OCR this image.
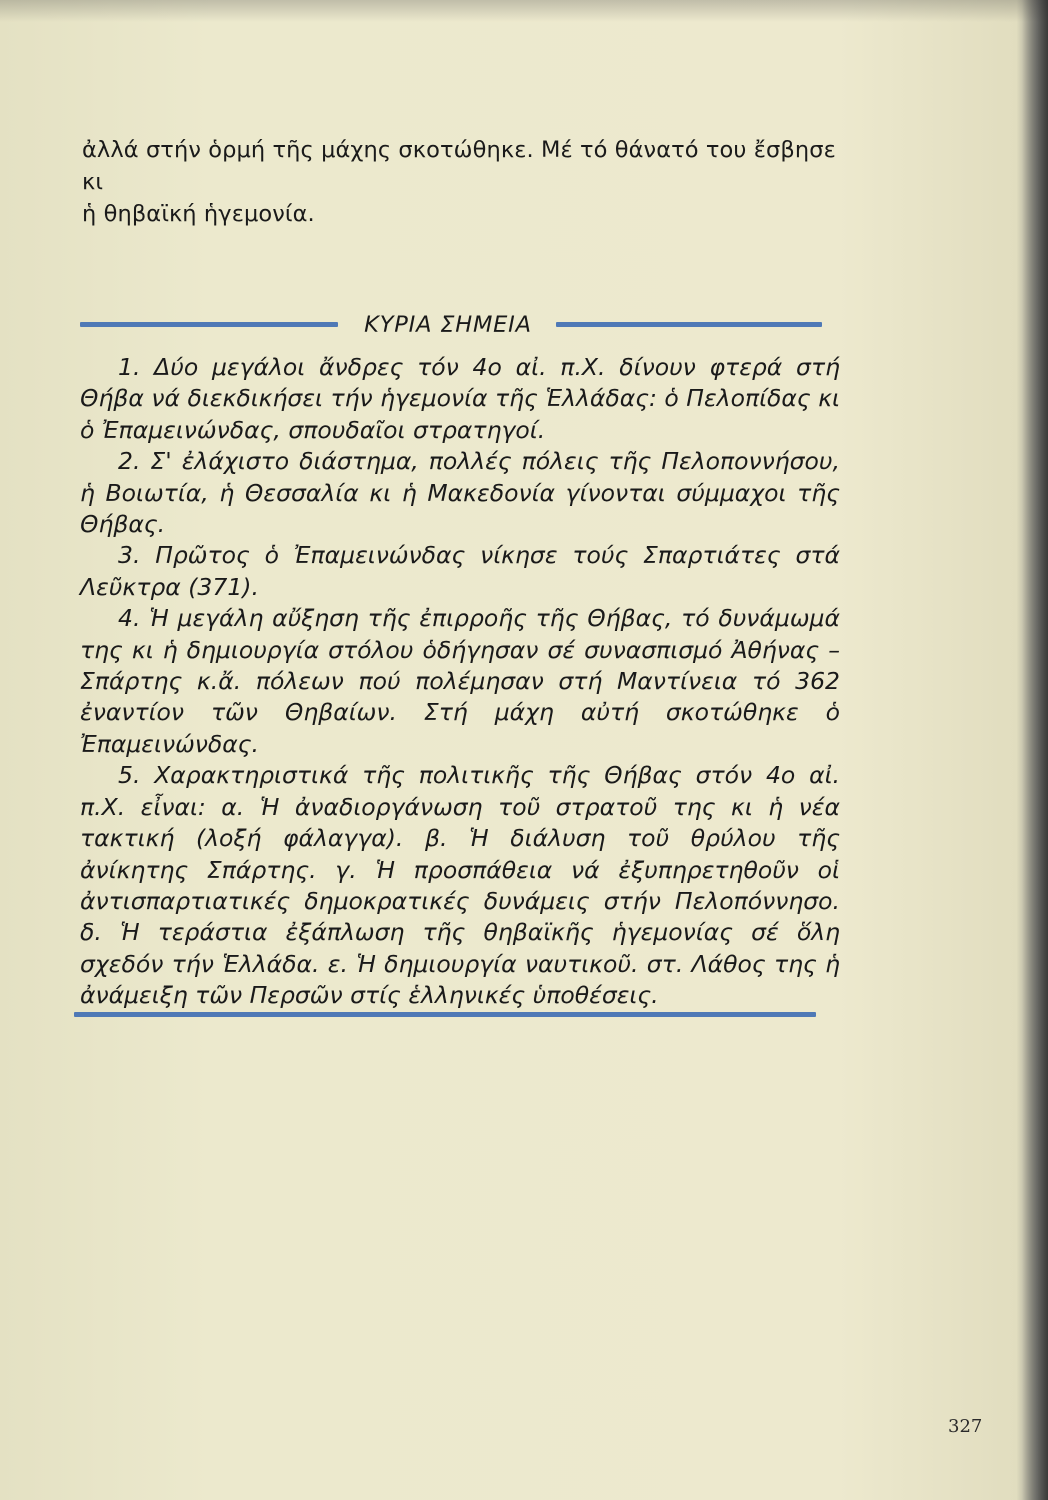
ἀλλά στήν ὁρμή τῆς μάχης σκοτώθηκε. Μέ τό θάνατό του ἔσβησε κι

ἡ θηβαϊκή ἡγεμονία.

ΚΥΡΙΑ ΣΗΜΕΙΑ

1. Δύο μεγάλοι ἄνδρες τόν 4ο αἰ. π.Χ. δίνουν φτερά στή Θήβα νά διεκδικήσει τήν ἡγεμονία τῆς Ἑλλάδας: ὁ Πελοπίδας κι ὁ Ἐπαμεινώνδας, σπουδαῖοι στρατηγοί.

2. Σ' ἐλάχιστο διάστημα, πολλές πόλεις τῆς Πελοποννήσου, ἡ Βοιωτία, ἡ Θεσσαλία κι ἡ Μακεδονία γίνονται σύμμαχοι τῆς Θήβας.

3. Πρῶτος ὁ Ἐπαμεινώνδας νίκησε τούς Σπαρτιάτες στά Λεῦκτρα (371).

4. Ἡ μεγάλη αὔξηση τῆς ἐπιρροῆς τῆς Θήβας, τό δυνάμωμά της κι ἡ δημιουργία στόλου ὁδήγησαν σέ συνασπισμό Ἀθήνας – Σπάρτης κ.ἄ. πόλεων πού πολέμησαν στή Μαντίνεια τό 362 ἐναντίον τῶν Θηβαίων. Στή μάχη αὐτή σκοτώθηκε ὁ Ἐπαμεινώνδας.

5. Χαρακτηριστικά τῆς πολιτικῆς τῆς Θήβας στόν 4ο αἰ. π.Χ. εἶναι: α. Ἡ ἀναδιοργάνωση τοῦ στρατοῦ της κι ἡ νέα τακτική (λοξή φάλαγγα). β. Ἡ διάλυση τοῦ θρύλου τῆς ἀνίκητης Σπάρτης. γ. Ἡ προσπάθεια νά ἐξυπηρετηθοῦν οἱ ἀντισπαρτιατικές δημοκρατικές δυνάμεις στήν Πελοπόννησο. δ. Ἡ τεράστια ἐξάπλωση τῆς θηβαϊκῆς ἡγεμονίας σέ ὅλη σχεδόν τήν Ἑλλάδα. ε. Ἡ δημιουργία ναυτικοῦ. στ. Λάθος της ἡ ἀνάμειξη τῶν Περσῶν στίς ἑλληνικές ὑποθέσεις.

327
